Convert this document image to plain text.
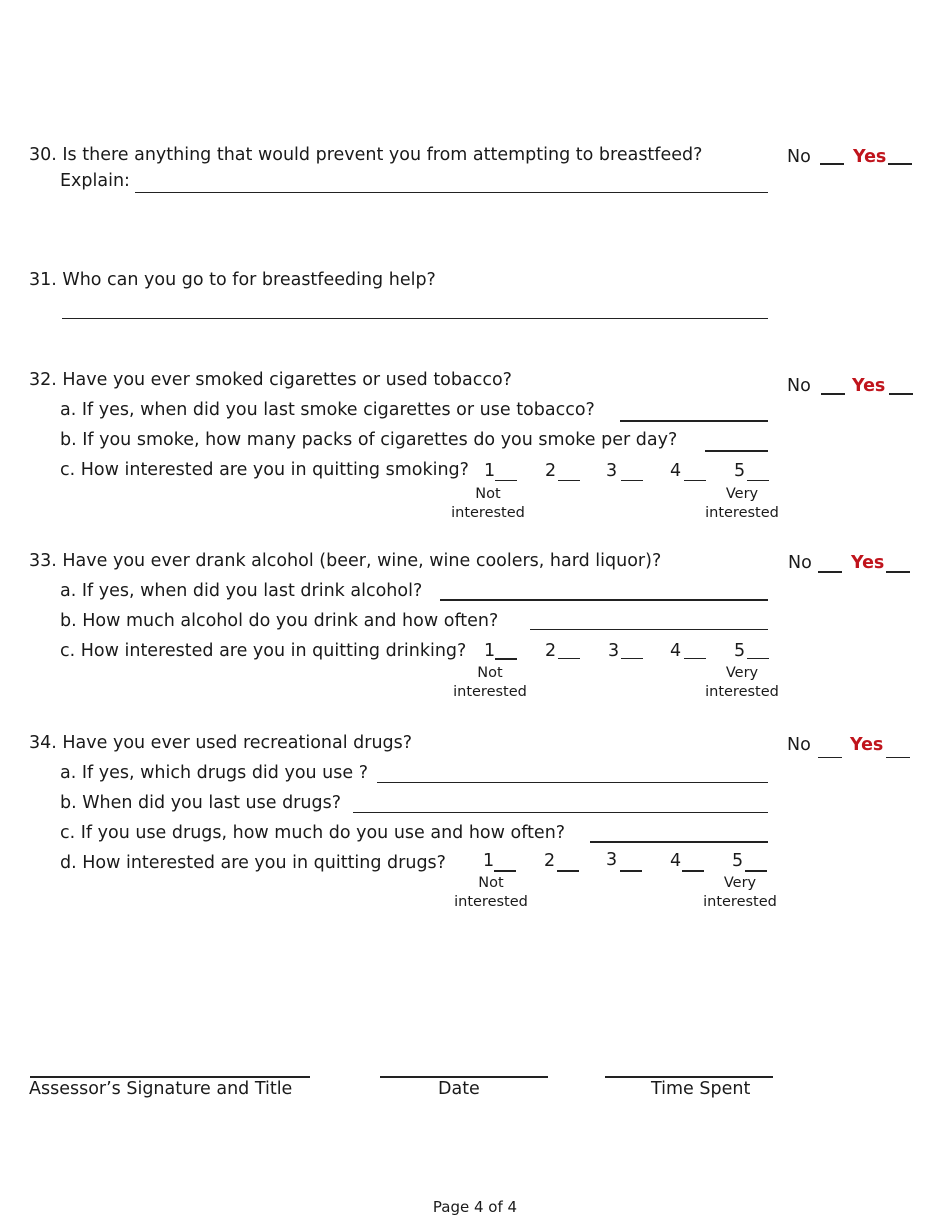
30. Is there anything that would prevent you from attempting to breastfeed?
Explain:
No Yes
31. Who can you go to for breastfeeding help?
32. Have you ever smoked cigarettes or used tobacco?	No Yes
a. If yes, when did you last smoke cigarettes or use tobacco?
b. If you smoke, how many packs of cigarettes do you smoke per day?
c. How interested are you in quitting smoking? 1	2	3	4	5
Not
interested
Very
interested
33. Have you ever drank alcohol (beer, wine, wine coolers, hard liquor)?	No Yes
a. If yes, when did you last drink alcohol?
b. How much alcohol do you drink and how often?
c. How interested are you in quitting drinking? 1	2	3	4	5
Not
interested
Very
interested
34. Have you ever used recreational drugs?	No Yes
a. If yes, which drugs did you use ?
b. When did you last use drugs?
c. If you use drugs, how much do you use and how often?
d. How interested are you in quitting drugs? 1	2	3	4	5
Not
interested
Very
interested
Assessor’s Signature and Title	Date	Time Spent
Page 4 of 4
